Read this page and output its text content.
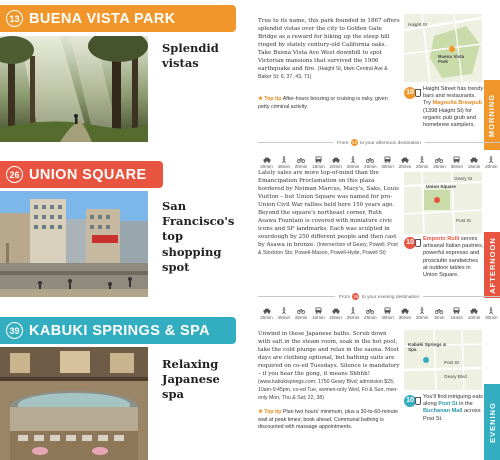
13 BUENA VISTA PARK
Splendid vistas
True to its name, this park founded in 1867 offers splendid vistas over the city to Golden Gate Bridge as a reward for hiking up the steep hill ringed by stately century-old California oaks. Take Buena Vista Ave West downhill to spot Victorian mansions that survived the 1906 earthquake and fire. (Haight St, btwn Central Ave & Baker St; 6, 37, 43, 71)
★ Top tip After-hours boozing or cruising is risky, given petty criminal activity.
Haight St
Buena Vista Park
10
Haight Street has trendy bars and restaurants. Try Magnolia Brewpub (1398 Haight St) for organic pub grub and homebrew samplers.	MORNING
From 13 to your afternoon destination
20min 45min 20min 15min 20min 20min 20min 30min 20min 20min 25min 30min 15min 20min
26 UNION SQUARE
San Francisco's top shopping spot
Lately sales are more top-of-mind than the Emancipation Proclamation on this plaza bordered by Neiman Marcus, Macy's, Saks, Louis Vuitton – but Union Square was named for pro-Union Civil War rallies held here 150 years ago. Beyond the square's northeast corner, Ruth Asawa Fountain is covered with miniature civic icons and SF landmarks. Each was sculpted in sourdough by 250 different people and then cast by Asawa in bronze. (Intersection of Geary, Powell, Post & Stockton Sts; Powell-Mason, Powell-Hyde, Powell St)
Geary St
Union Square
Post St
10
Emporio Rulli serves artisanal Italian pastries, powerful espresso and prosciutto sandwiches at outdoor tables in Union Square.	AFTERNOON
From 26 to your evening destination
25min 45min 25min 10min 20min 25min 25min 30min 30min 30min 5min 15min 10min 30min
39 KABUKI SPRINGS & SPA
Relaxing Japanese spa
Unwind in these Japanese baths. Scrub down with salt in the steam room, soak in the hot pool, take the cold plunge and relax in the sauna. Most days are clothing optional, but bathing suits are required on co-ed Tuesdays. Silence is mandatory – if you hear the gong, it means Shhhh! (www.kabukisprings.com; 1750 Geary Blvd; admission $25; 10am-9:45pm, co-ed Tue, women-only Wed, Fri & Sun, men-only Mon, Thu & Sat; 22, 38)
★ Top tip Plan two hours' minimum, plus a 30-to-60-minute wait at peak times; book ahead. Communal bathing is discounted with massage appointments.
Kabuki Springs & Spa
Post St
Geary Blvd
10
You'll find intriguing eats along Post St in the Buchanan Mall across Post St.	EVENING
